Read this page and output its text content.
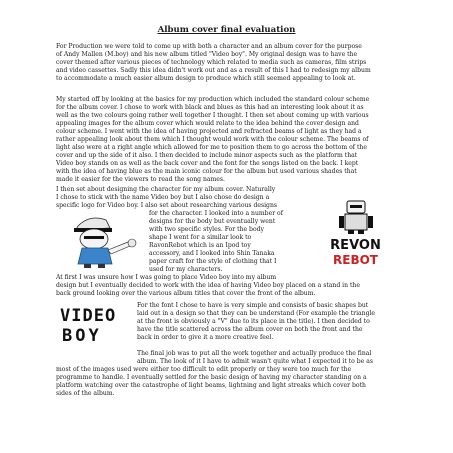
Album cover final evaluation
For Production we were told to come up with both a character and an album cover for the purpose
of Andy Mallen (M.boy) and his new album titled "Video boy". My original design was to have the
cover themed after various pieces of technology which related to media such as cameras, film strips
and video cassettes. Sadly this idea didn't work out and as a result of this I had to redesign my album
to accommodate a much easier album design to produce which still seemed appealing to look at.
My started off by looking at the basics for my production which included the standard colour scheme
for the album cover. I chose to work with black and blues as this had an interesting look about it as
well as the two colours going rather well together I thought. I then set about coming up with various
appealing images for the album cover which would relate to the idea behind the cover design and
colour scheme. I went with the idea of having projected and refracted beams of light as they had a
rather appealing look about them which I thought would work with the colour scheme. The beams of
light also were at a right angle which allowed for me to position them to go across the bottom of the
cover and up the side of it also. I then decided to include minor aspects such as the platform that
Video boy stands on as well as the back cover and the font for the songs listed on the back. I kept
with the idea of having blue as the main iconic colour for the album but used various shades that
made it easier for the viewers to read the song names.
I then set about designing the character for my album cover. Naturally
I chose to stick with the name Video boy but I also chose do design a
specific logo for Video boy. I also set about researching various designs
for the character. I looked into a number of
designs for the body but eventually went
with two specific styles. For the body
shape I went for a similar look to
RavonRebot which is an Ipod toy
accessory, and I looked into Shin Tanaka
paper craft for the style of clothing that I
used for my characters.
At first I was unsure how I was going to place Video boy into my album
design but I eventually decided to work with the idea of having Video boy placed on a stand in the
back ground looking over the various album titles that cover the front of the album.
For the font I chose to have is very simple and consists of basic shapes but
laid out in a design so that they can be understand (For example the triangle
at the front is obviously a "V" due to its place in the title). I then decided to
have the title scattered across the album cover on both the front and the
back in order to give it a more creative feel.
The final job was to put all the work together and actually produce the final
album. The look of it I have to admit wasn't quite what I expected it to be as
most of the images used were either too difficult to edit properly or they were too much for the
programme to handle. I eventually settled for the basic design of having my character standing on a
platform watching over the catastrophe of light beams, lightning and light streaks which cover both
sides of the album.
REVON
REBOT
VIDEO
BOY
